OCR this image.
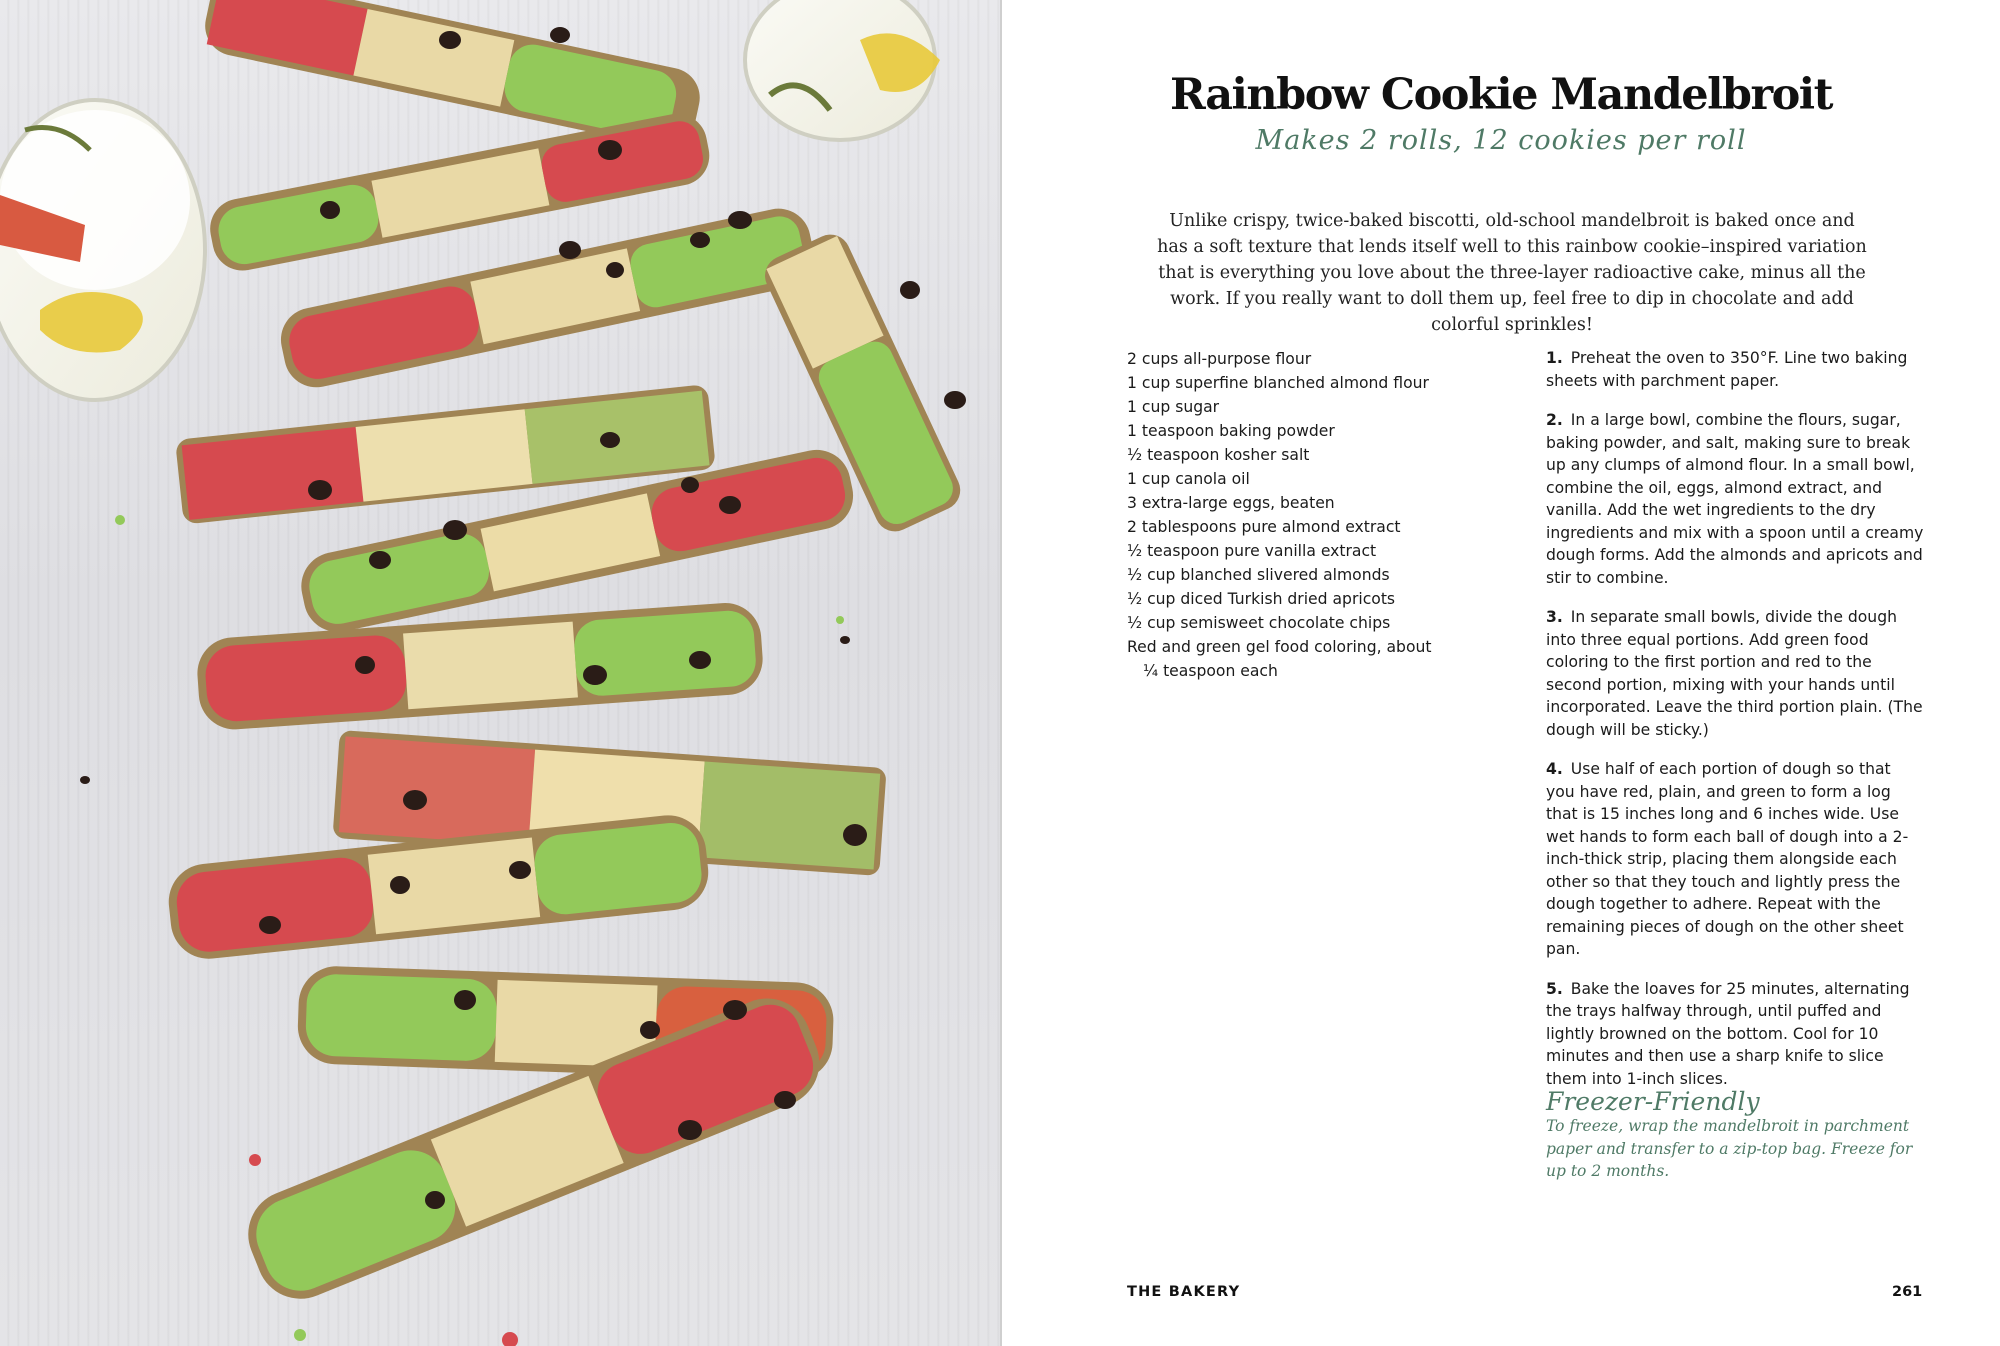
Rainbow Cookie Mandelbroit
Makes 2 rolls, 12 cookies per roll
Unlike crispy, twice-baked biscotti, old-school mandelbroit is baked once and has a soft texture that lends itself well to this rainbow cookie–inspired variation that is everything you love about the three-layer radioactive cake, minus all the work. If you really want to doll them up, feel free to dip in chocolate and add colorful sprinkles!
2 cups all-purpose flour
1 cup superfine blanched almond flour
1 cup sugar
1 teaspoon baking powder
½ teaspoon kosher salt
1 cup canola oil
3 extra-large eggs, beaten
2 tablespoons pure almond extract
½ teaspoon pure vanilla extract
½ cup blanched slivered almonds
½ cup diced Turkish dried apricots
½ cup semisweet chocolate chips
Red and green gel food coloring, about
¼ teaspoon each
1. Preheat the oven to 350°F. Line two baking sheets with parchment paper.
2. In a large bowl, combine the flours, sugar, baking powder, and salt, making sure to break up any clumps of almond flour. In a small bowl, combine the oil, eggs, almond extract, and vanilla. Add the wet ingredients to the dry ingredients and mix with a spoon until a creamy dough forms. Add the almonds and apricots and stir to combine.
3. In separate small bowls, divide the dough into three equal portions. Add green food coloring to the first portion and red to the second portion, mixing with your hands until incorporated. Leave the third portion plain. (The dough will be sticky.)
4. Use half of each portion of dough so that you have red, plain, and green to form a log that is 15 inches long and 6 inches wide. Use wet hands to form each ball of dough into a 2-inch-thick strip, placing them alongside each other so that they touch and lightly press the dough together to adhere. Repeat with the remaining pieces of dough on the other sheet pan.
5. Bake the loaves for 25 minutes, alternating the trays halfway through, until puffed and lightly browned on the bottom. Cool for 10 minutes and then use a sharp knife to slice them into 1-inch slices.
Freezer-Friendly
To freeze, wrap the mandelbroit in parchment paper and transfer to a zip-top bag. Freeze for up to 2 months.
THE BAKERY	261
